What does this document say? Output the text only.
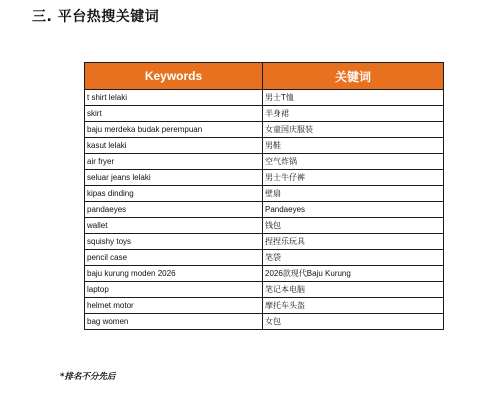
三. 平台热搜关键词
Keywords	关键词
t shirt lelaki	男士T恤
skirt	半身裙
baju merdeka budak perempuan	女童国庆服装
kasut lelaki	男鞋
air fryer	空气炸锅
seluar jeans lelaki	男士牛仔裤
kipas dinding	壁扇
pandaeyes	Pandaeyes
wallet	钱包
squishy toys	捏捏乐玩具
pencil case	笔袋
baju kurung moden 2026	2026款现代Baju Kurung
laptop	笔记本电脑
helmet motor	摩托车头盔
bag women	女包
*排名不分先后
